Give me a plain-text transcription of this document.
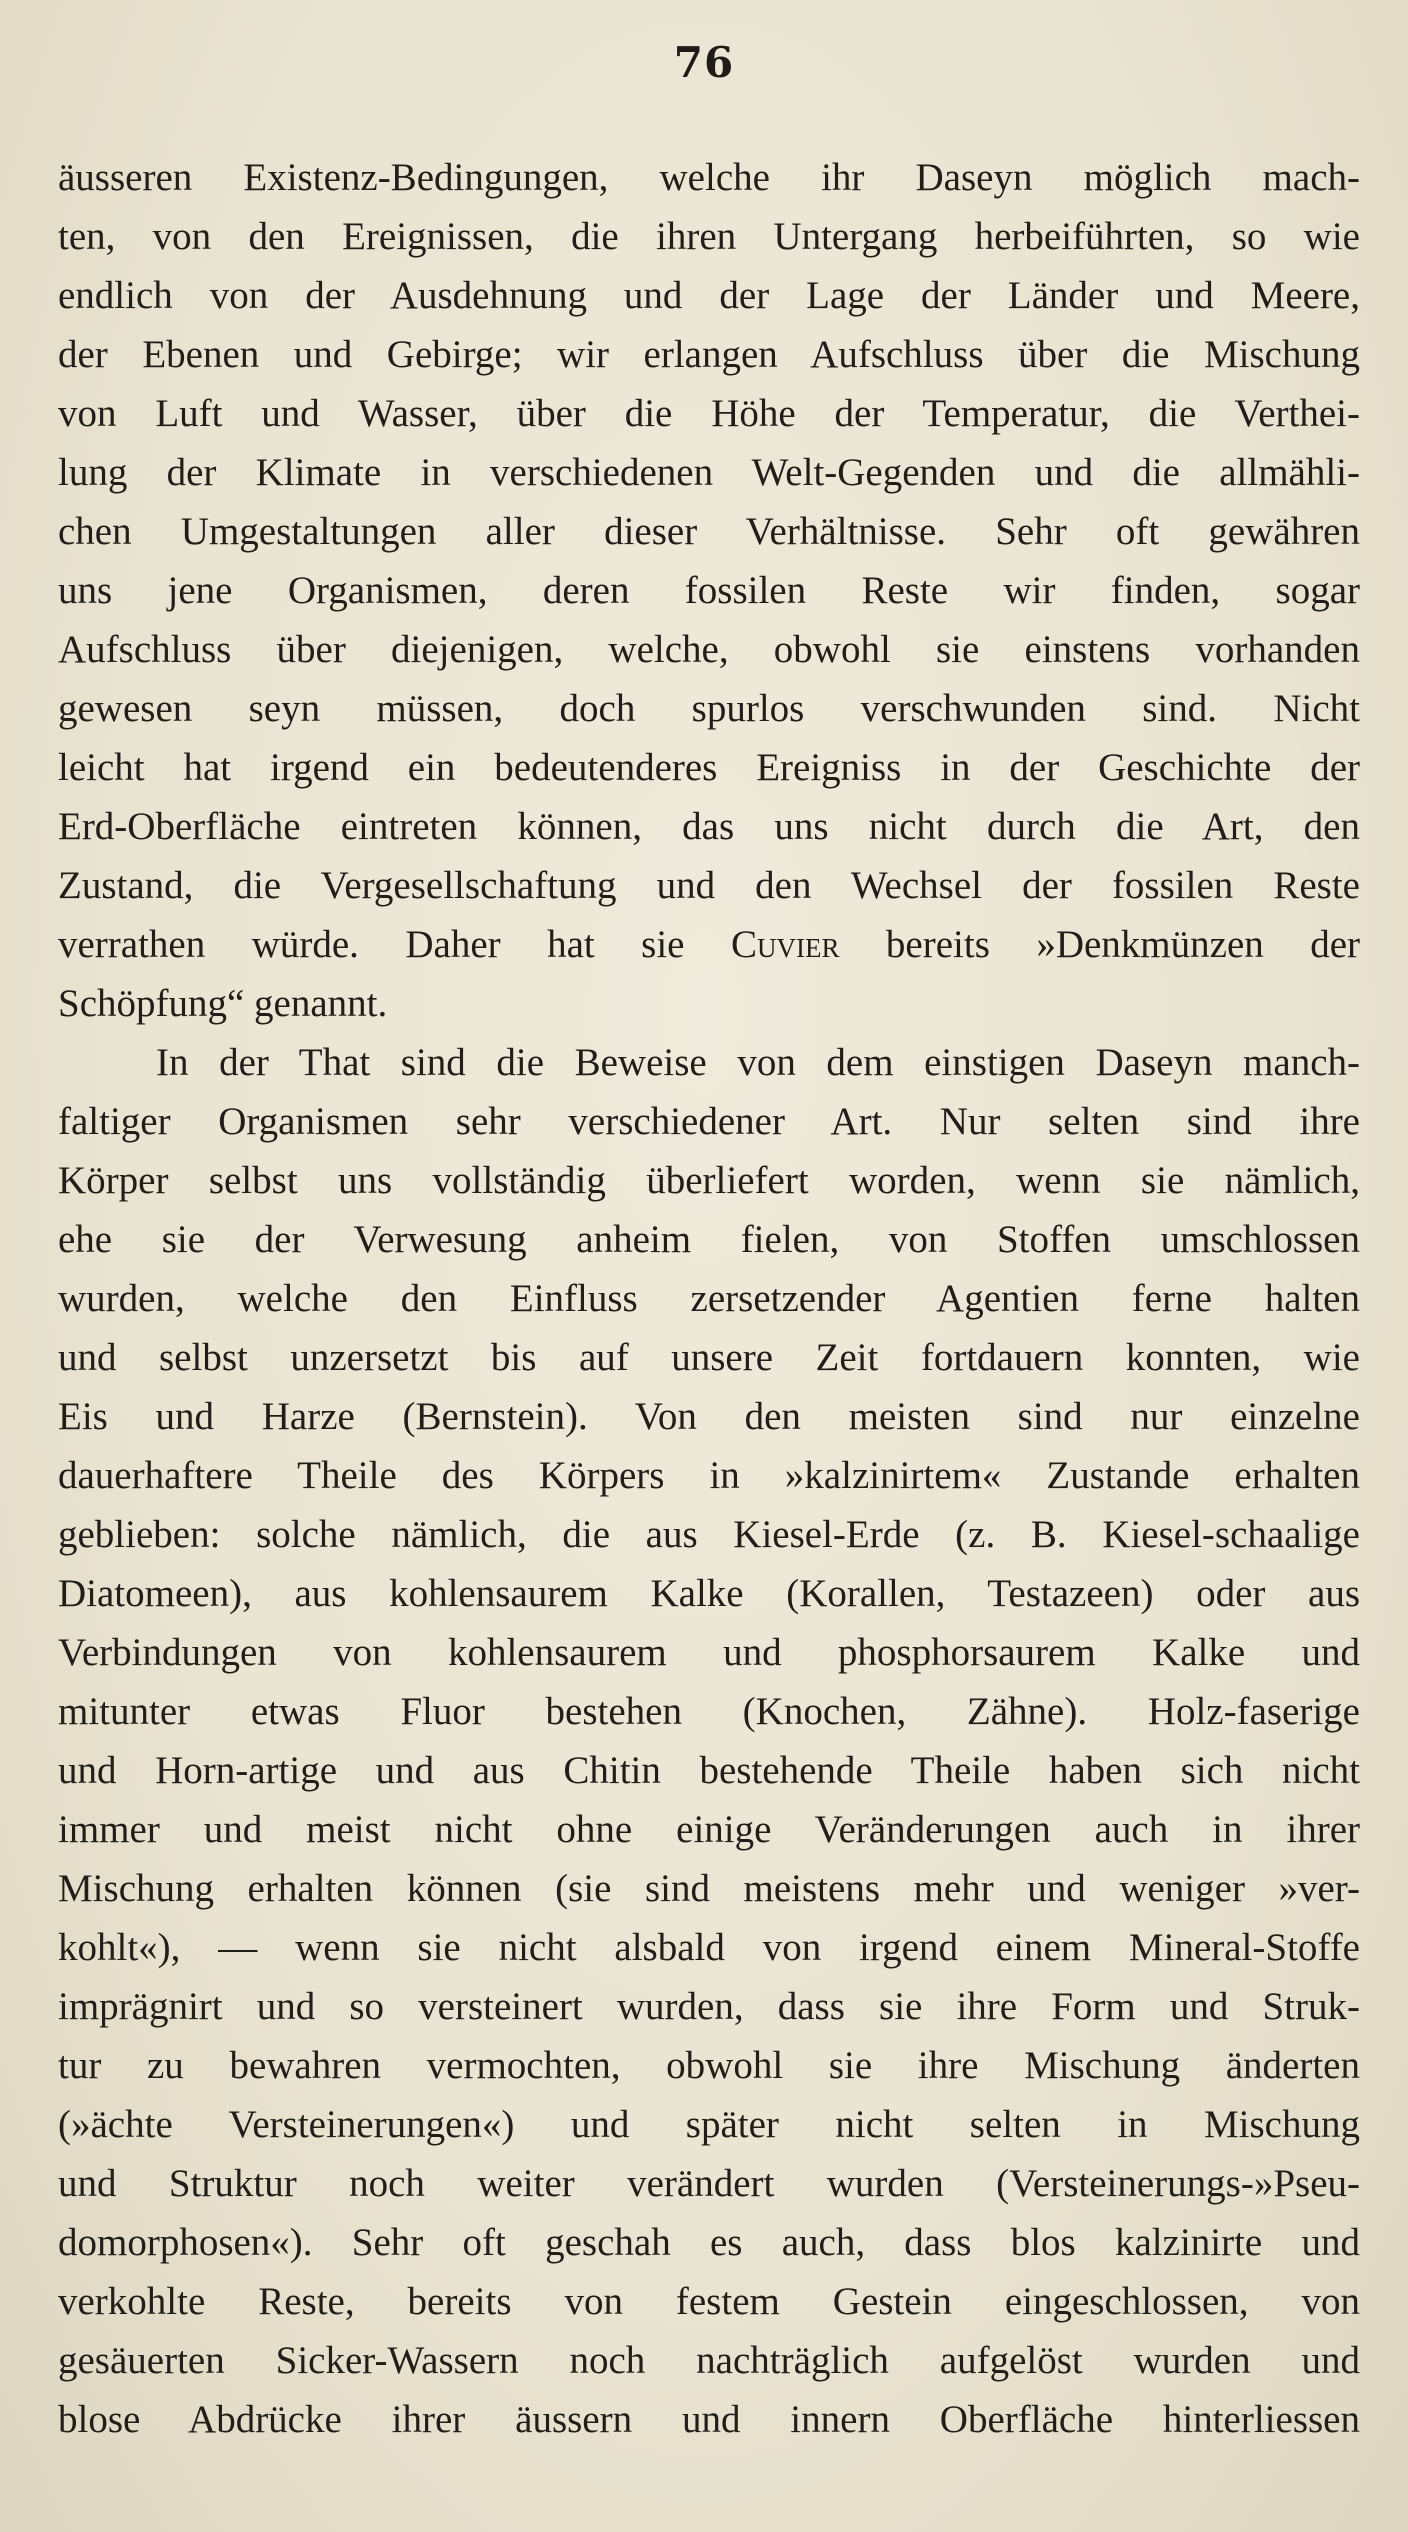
76
äusseren Existenz-Bedingungen, welche ihr Daseyn möglich mach-
ten, von den Ereignissen, die ihren Untergang herbeiführten, so wie
endlich von der Ausdehnung und der Lage der Länder und Meere,
der Ebenen und Gebirge; wir erlangen Aufschluss über die Mischung
von Luft und Wasser, über die Höhe der Temperatur, die Verthei-
lung der Klimate in verschiedenen Welt-Gegenden und die allmähli-
chen Umgestaltungen aller dieser Verhältnisse. Sehr oft gewähren
uns jene Organismen, deren fossilen Reste wir finden, sogar
Aufschluss über diejenigen, welche, obwohl sie einstens vorhanden
gewesen seyn müssen, doch spurlos verschwunden sind. Nicht
leicht hat irgend ein bedeutenderes Ereigniss in der Geschichte der
Erd-Oberfläche eintreten können, das uns nicht durch die Art, den
Zustand, die Vergesellschaftung und den Wechsel der fossilen Reste
verrathen würde. Daher hat sie Cuvier bereits »Denkmünzen der
Schöpfung“ genannt.
In der That sind die Beweise von dem einstigen Daseyn manch-
faltiger Organismen sehr verschiedener Art. Nur selten sind ihre
Körper selbst uns vollständig überliefert worden, wenn sie nämlich,
ehe sie der Verwesung anheim fielen, von Stoffen umschlossen
wurden, welche den Einfluss zersetzender Agentien ferne halten
und selbst unzersetzt bis auf unsere Zeit fortdauern konnten, wie
Eis und Harze (Bernstein). Von den meisten sind nur einzelne
dauerhaftere Theile des Körpers in »kalzinirtem« Zustande erhalten
geblieben: solche nämlich, die aus Kiesel-Erde (z. B. Kiesel-schaalige
Diatomeen), aus kohlensaurem Kalke (Korallen, Testazeen) oder aus
Verbindungen von kohlensaurem und phosphorsaurem Kalke und
mitunter etwas Fluor bestehen (Knochen, Zähne). Holz-faserige
und Horn-artige und aus Chitin bestehende Theile haben sich nicht
immer und meist nicht ohne einige Veränderungen auch in ihrer
Mischung erhalten können (sie sind meistens mehr und weniger »ver-
kohlt«), — wenn sie nicht alsbald von irgend einem Mineral-Stoffe
imprägnirt und so versteinert wurden, dass sie ihre Form und Struk-
tur zu bewahren vermochten, obwohl sie ihre Mischung änderten
(»ächte Versteinerungen«) und später nicht selten in Mischung
und Struktur noch weiter verändert wurden (Versteinerungs-»Pseu-
domorphosen«). Sehr oft geschah es auch, dass blos kalzinirte und
verkohlte Reste, bereits von festem Gestein eingeschlossen, von
gesäuerten Sicker-Wassern noch nachträglich aufgelöst wurden und
blose Abdrücke ihrer äussern und innern Oberfläche hinterliessen
